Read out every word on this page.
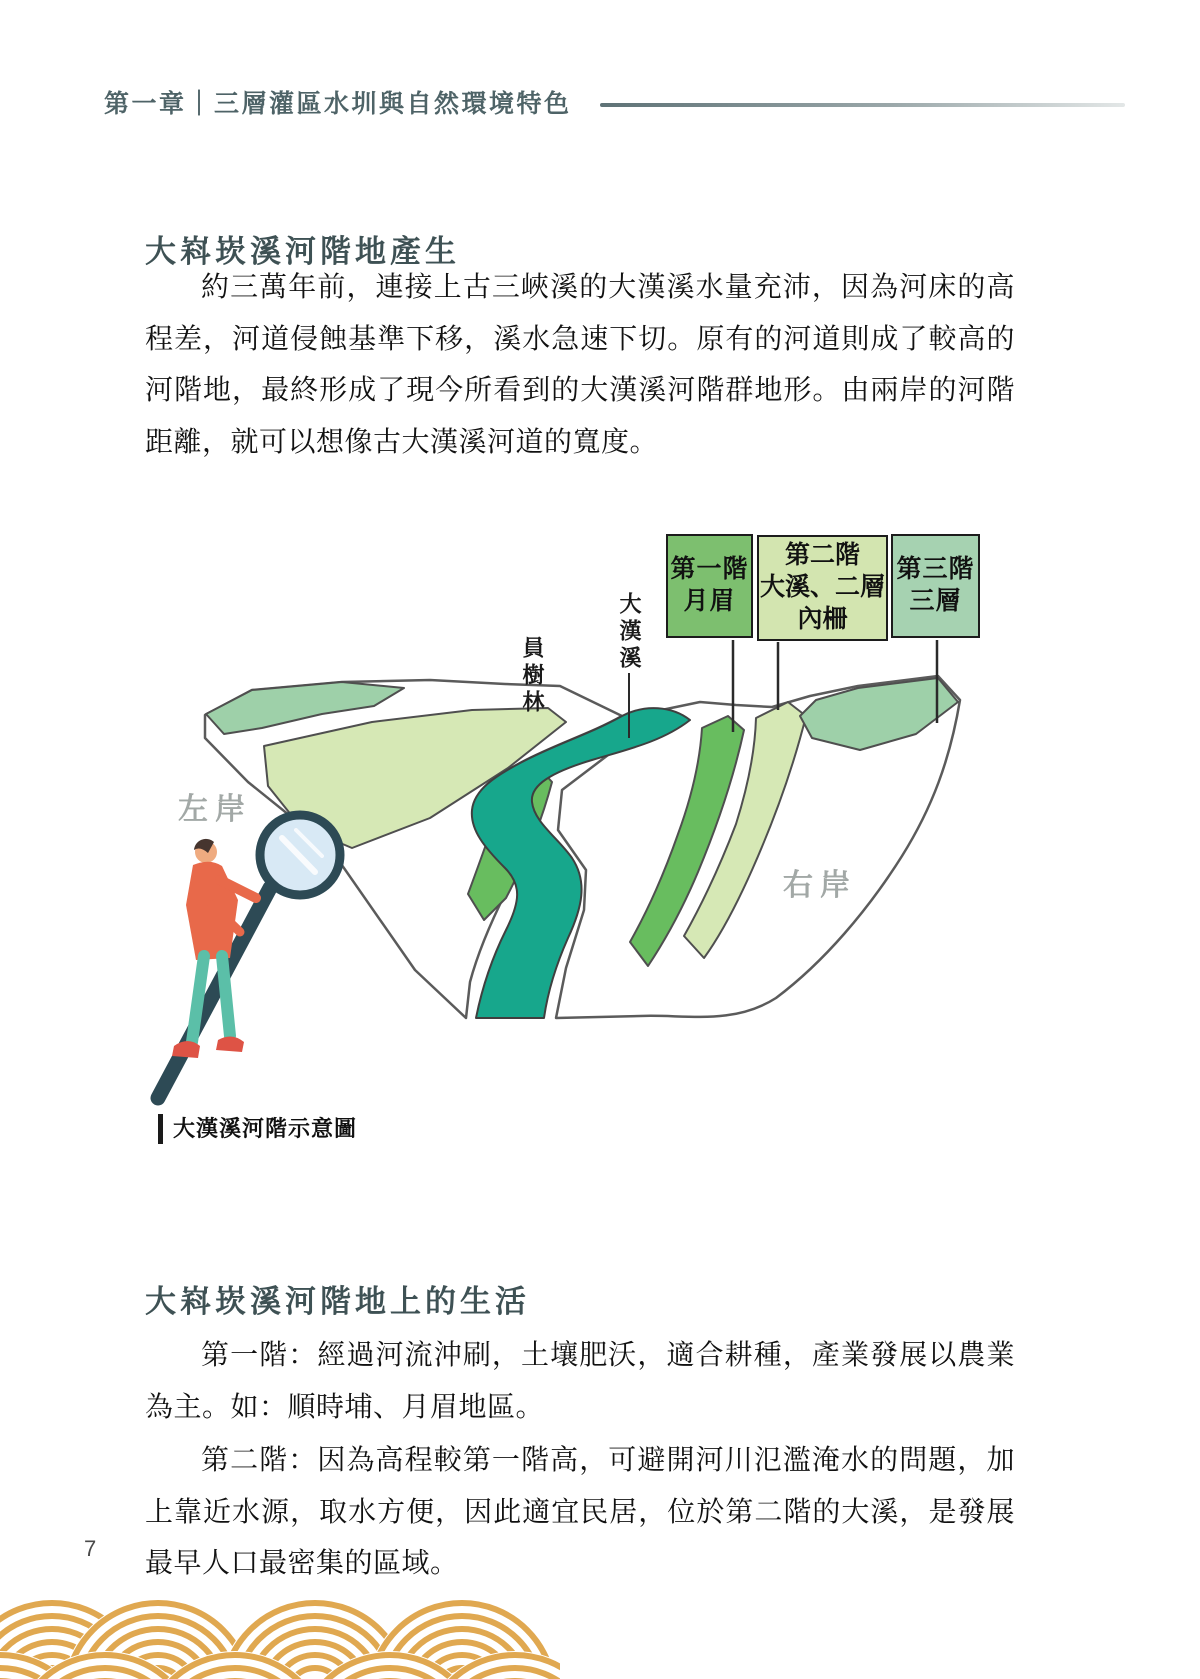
第一章｜三層灌區水圳與自然環境特色
大嵙崁溪河階地產生

約三萬年前，連接上古三峽溪的大漢溪水量充沛，因為河床的高程差，河道侵蝕基準下移，溪水急速下切。原有的河道則成了較高的河階地，最終形成了現今所看到的大漢溪河階群地形。由兩岸的河階距離，就可以想像古大漢溪河道的寬度。

第一階
月眉
第二階
大溪、二層
內柵
第三階
三層
大漢溪
員樹林
左岸
右岸
大漢溪河階示意圖
大嵙崁溪河階地上的生活

第一階：經過河流沖刷，土壤肥沃，適合耕種，產業發展以農業為主。如：順時埔、月眉地區。

第二階：因為高程較第一階高，可避開河川氾濫淹水的問題，加上靠近水源，取水方便，因此適宜民居，位於第二階的大溪，是發展最早人口最密集的區域。

7
